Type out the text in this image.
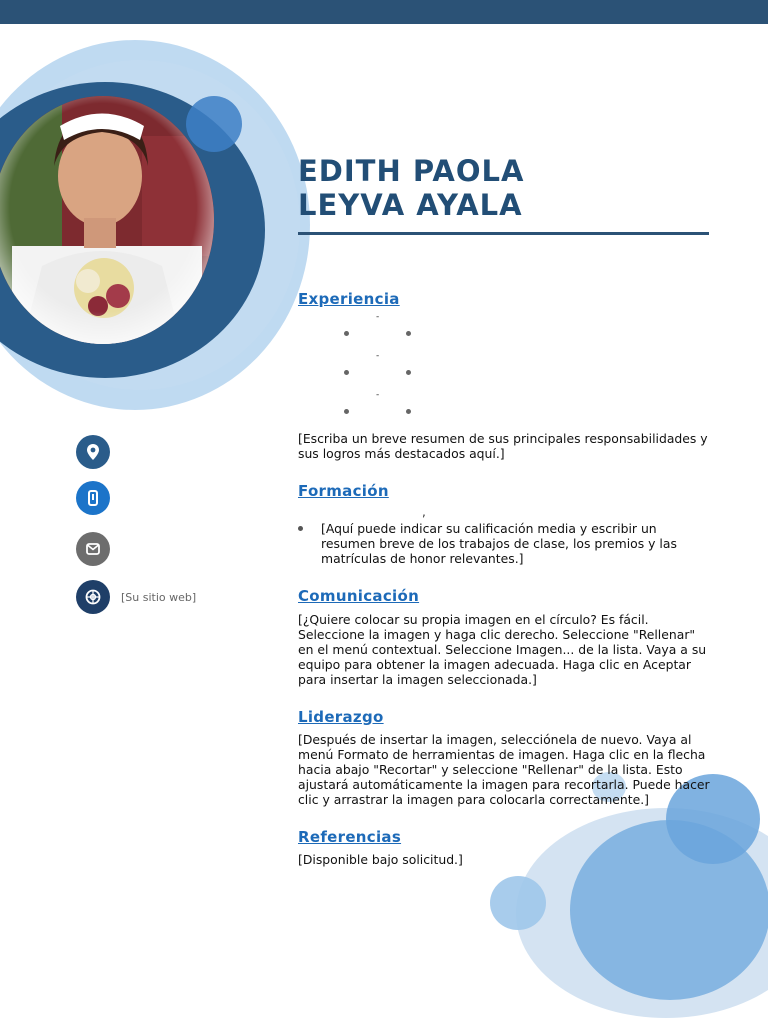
EDITH PAOLA
LEYVA AYALA
Experiencia
-
-
-
[Escriba un breve resumen de sus principales responsabilidades y sus logros más destacados aquí.]
Formación
,
[Aquí puede indicar su calificación media y escribir un resumen breve de los trabajos de clase, los premios y las matrículas de honor relevantes.]
Comunicación
[¿Quiere colocar su propia imagen en el círculo? Es fácil. Seleccione la imagen y haga clic derecho. Seleccione "Rellenar" en el menú contextual. Seleccione Imagen... de la lista. Vaya a su equipo para obtener la imagen adecuada. Haga clic en Aceptar para insertar la imagen seleccionada.]
Liderazgo
[Después de insertar la imagen, selecciónela de nuevo. Vaya al menú Formato de herramientas de imagen. Haga clic en la flecha hacia abajo "Recortar" y seleccione "Rellenar" de la lista. Esto ajustará automáticamente la imagen para recortarla. Puede hacer clic y arrastrar la imagen para colocarla correctamente.]
Referencias
[Disponible bajo solicitud.]
[Su sitio web]
